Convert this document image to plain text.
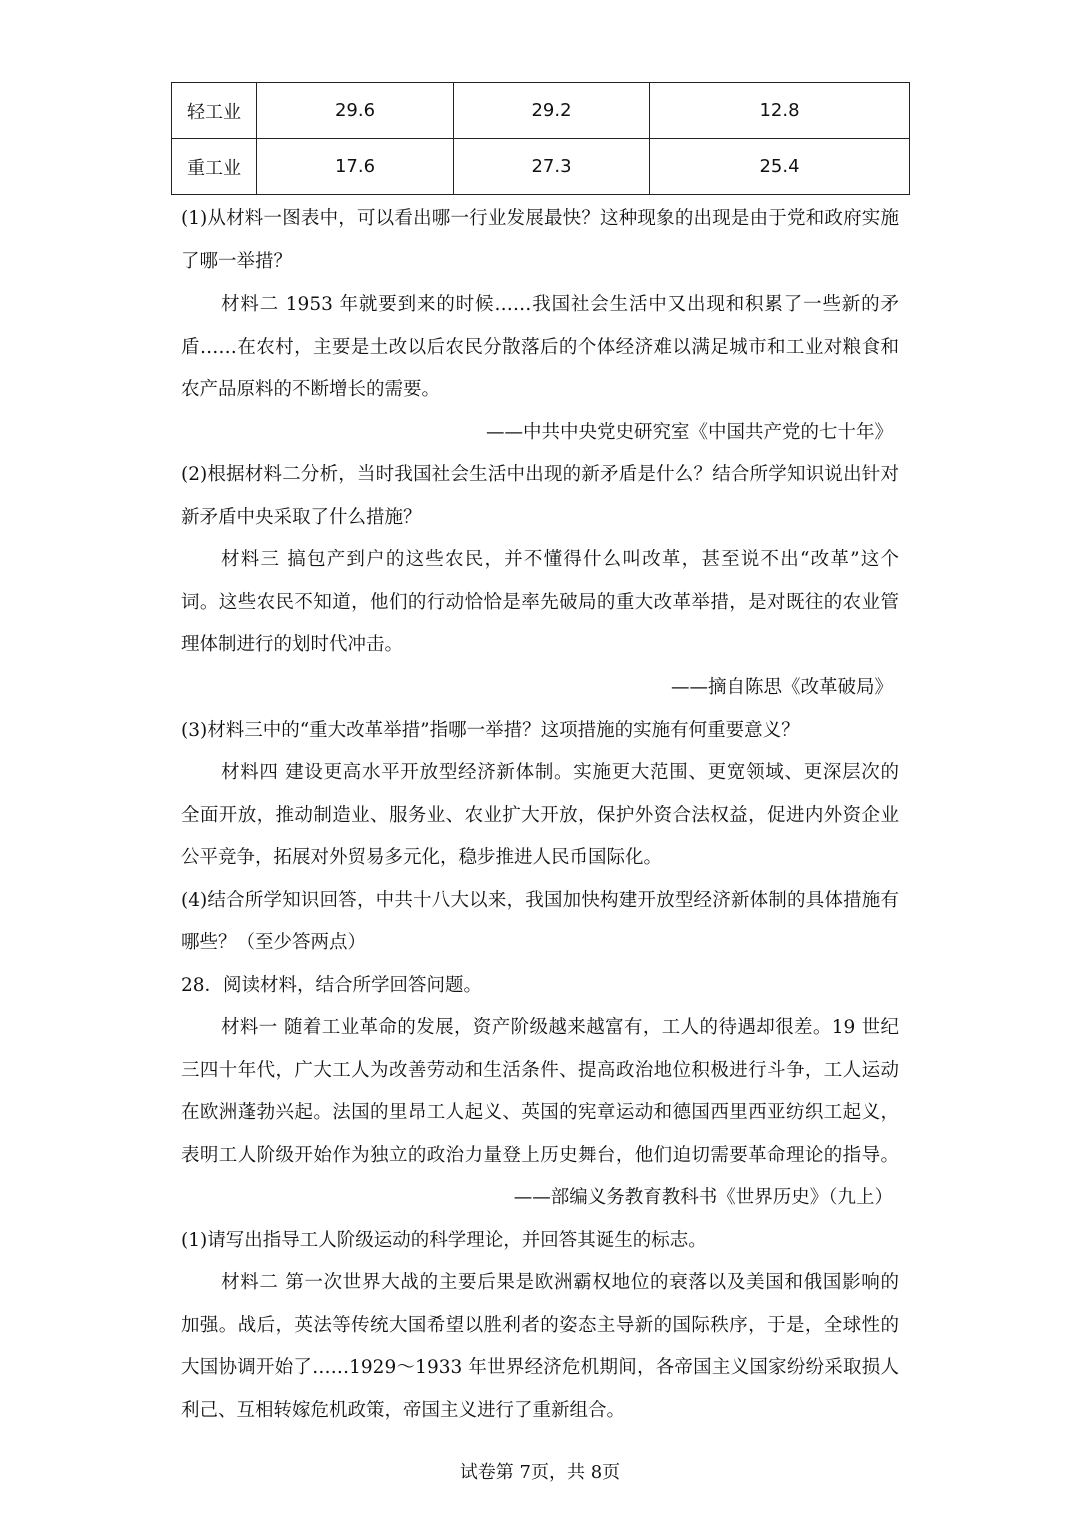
轻工业	29.6	29.2	12.8
重工业	17.6	27.3	25.4
(1)从材料一图表中，可以看出哪一行业发展最快？这种现象的出现是由于党和政府实施
了哪一举措？
材料二 1953 年就要到来的时候……我国社会生活中又出现和积累了一些新的矛
盾……在农村，主要是土改以后农民分散落后的个体经济难以满足城市和工业对粮食和
农产品原料的不断增长的需要。
——中共中央党史研究室《中国共产党的七十年》
(2)根据材料二分析，当时我国社会生活中出现的新矛盾是什么？结合所学知识说出针对
新矛盾中央采取了什么措施？
材料三 搞包产到户的这些农民，并不懂得什么叫改革，甚至说不出“改革”这个
词。这些农民不知道，他们的行动恰恰是率先破局的重大改革举措，是对既往的农业管
理体制进行的划时代冲击。
——摘自陈思《改革破局》
(3)材料三中的“重大改革举措”指哪一举措？这项措施的实施有何重要意义？
材料四 建设更高水平开放型经济新体制。实施更大范围、更宽领域、更深层次的
全面开放，推动制造业、服务业、农业扩大开放，保护外资合法权益，促进内外资企业
公平竞争，拓展对外贸易多元化，稳步推进人民币国际化。
(4)结合所学知识回答，中共十八大以来，我国加快构建开放型经济新体制的具体措施有
哪些？（至少答两点）
28．阅读材料，结合所学回答问题。
材料一 随着工业革命的发展，资产阶级越来越富有，工人的待遇却很差。19 世纪
三四十年代，广大工人为改善劳动和生活条件、提高政治地位积极进行斗争，工人运动
在欧洲蓬勃兴起。法国的里昂工人起义、英国的宪章运动和德国西里西亚纺织工起义，
表明工人阶级开始作为独立的政治力量登上历史舞台，他们迫切需要革命理论的指导。
——部编义务教育教科书《世界历史》（九上）
(1)请写出指导工人阶级运动的科学理论，并回答其诞生的标志。
材料二 第一次世界大战的主要后果是欧洲霸权地位的衰落以及美国和俄国影响的
加强。战后，英法等传统大国希望以胜利者的姿态主导新的国际秩序，于是，全球性的
大国协调开始了……1929～1933 年世界经济危机期间，各帝国主义国家纷纷采取损人
利己、互相转嫁危机政策，帝国主义进行了重新组合。
试卷第 7页，共 8页
